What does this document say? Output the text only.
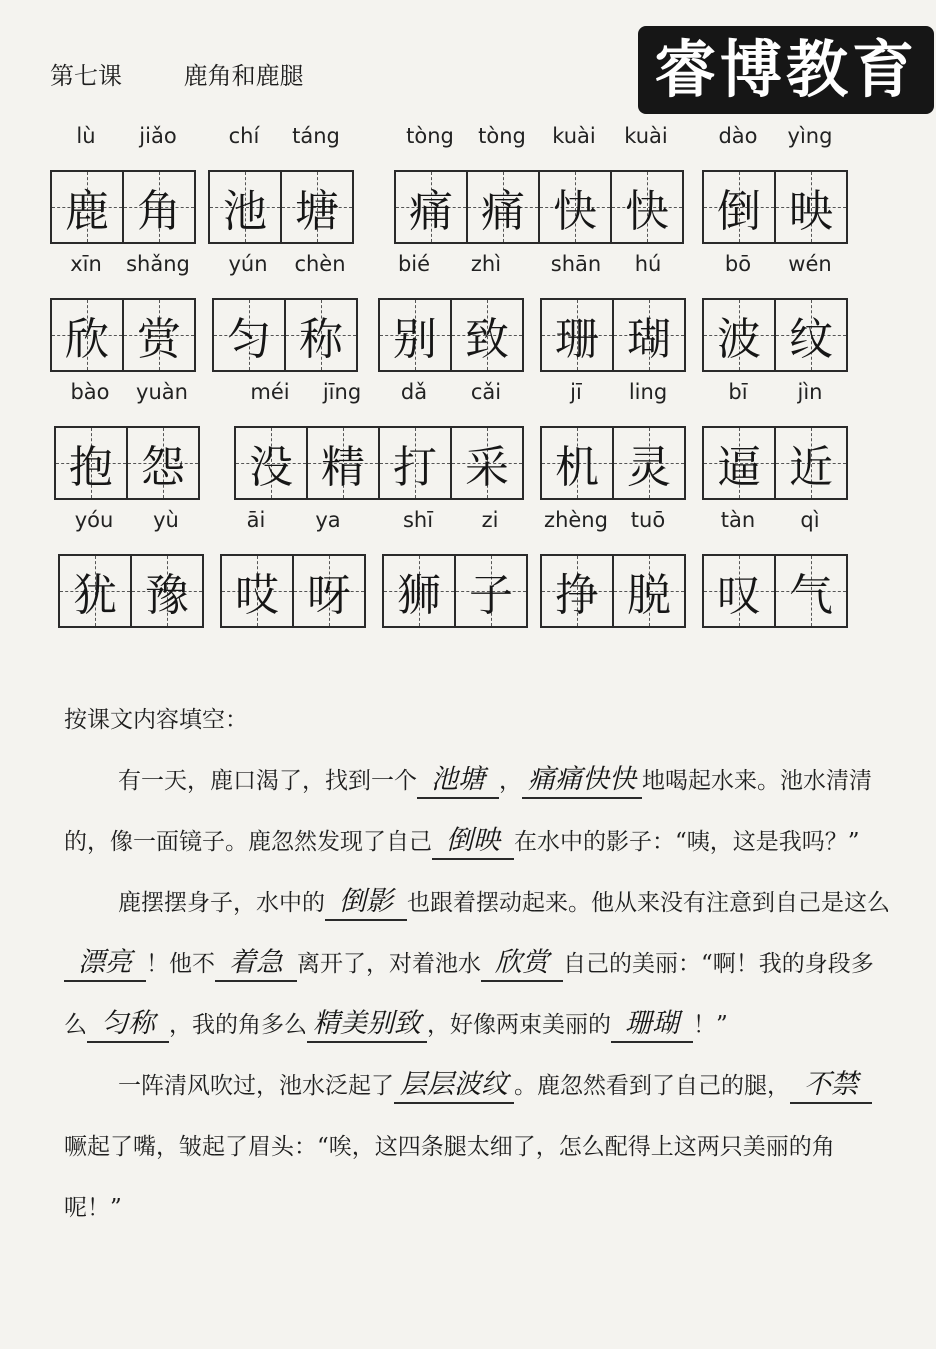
第七课	鹿角和鹿腿	睿博教育
lù	jiǎo
鹿 角
chí	táng
池 塘
tòng	tòng	kuài	kuài
痛 痛 快 快
dào	yìng
倒 映
xīn	shǎng
欣 赏
yún	chèn
匀 称
bié	zhì
别 致
shān	hú
珊 瑚
bō	wén
波 纹
bào	yuàn
抱 怨
méi	jīng	dǎ	cǎi
没 精 打 采
jī	ling
机 灵
bī	jìn
逼 近
yóu	yù
犹 豫
āi	ya
哎 呀
shī	zi
狮 子
zhèng	tuō
挣 脱
tàn	qì
叹 气

按课文内容填空：

有一天，鹿口渴了，找到一个 池塘 ， 痛痛快快 地喝起水来。池水清清的，像一面镜子。鹿忽然发现了自己 倒映 在水中的影子：“咦，这是我吗？”

鹿摆摆身子，水中的 倒影 也跟着摆动起来。他从来没有注意到自己是这么漂亮 ！他不 着急 离开了，对着池水 欣赏 自己的美丽：“啊！我的身段多么 匀称 ，我的角多么 精美别致 ，好像两束美丽的 珊瑚 ！”

一阵清风吹过，池水泛起了 层层波纹 。鹿忽然看到了自己的腿， 不禁噘起了嘴，皱起了眉头：“唉，这四条腿太细了，怎么配得上这两只美丽的角呢！”
